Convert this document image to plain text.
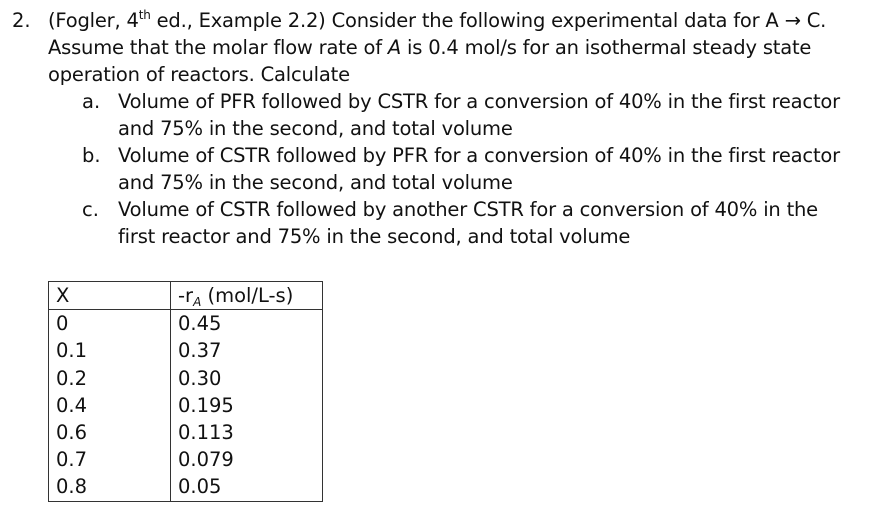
2. (Fogler, 4th ed., Example 2.2) Consider the following experimental data for A → C.
Assume that the molar flow rate of A is 0.4 mol/s for an isothermal steady state
operation of reactors. Calculate
a. Volume of PFR followed by CSTR for a conversion of 40% in the first reactor
and 75% in the second, and total volume
b. Volume of CSTR followed by PFR for a conversion of 40% in the first reactor
and 75% in the second, and total volume
c. Volume of CSTR followed by another CSTR for a conversion of 40% in the
first reactor and 75% in the second, and total volume
X	$-r_A$ (mol/L-s)
0	0.45
0.1	0.37
0.2	0.30
0.4	0.195
0.6	0.113
0.7	0.079
0.8	0.05
